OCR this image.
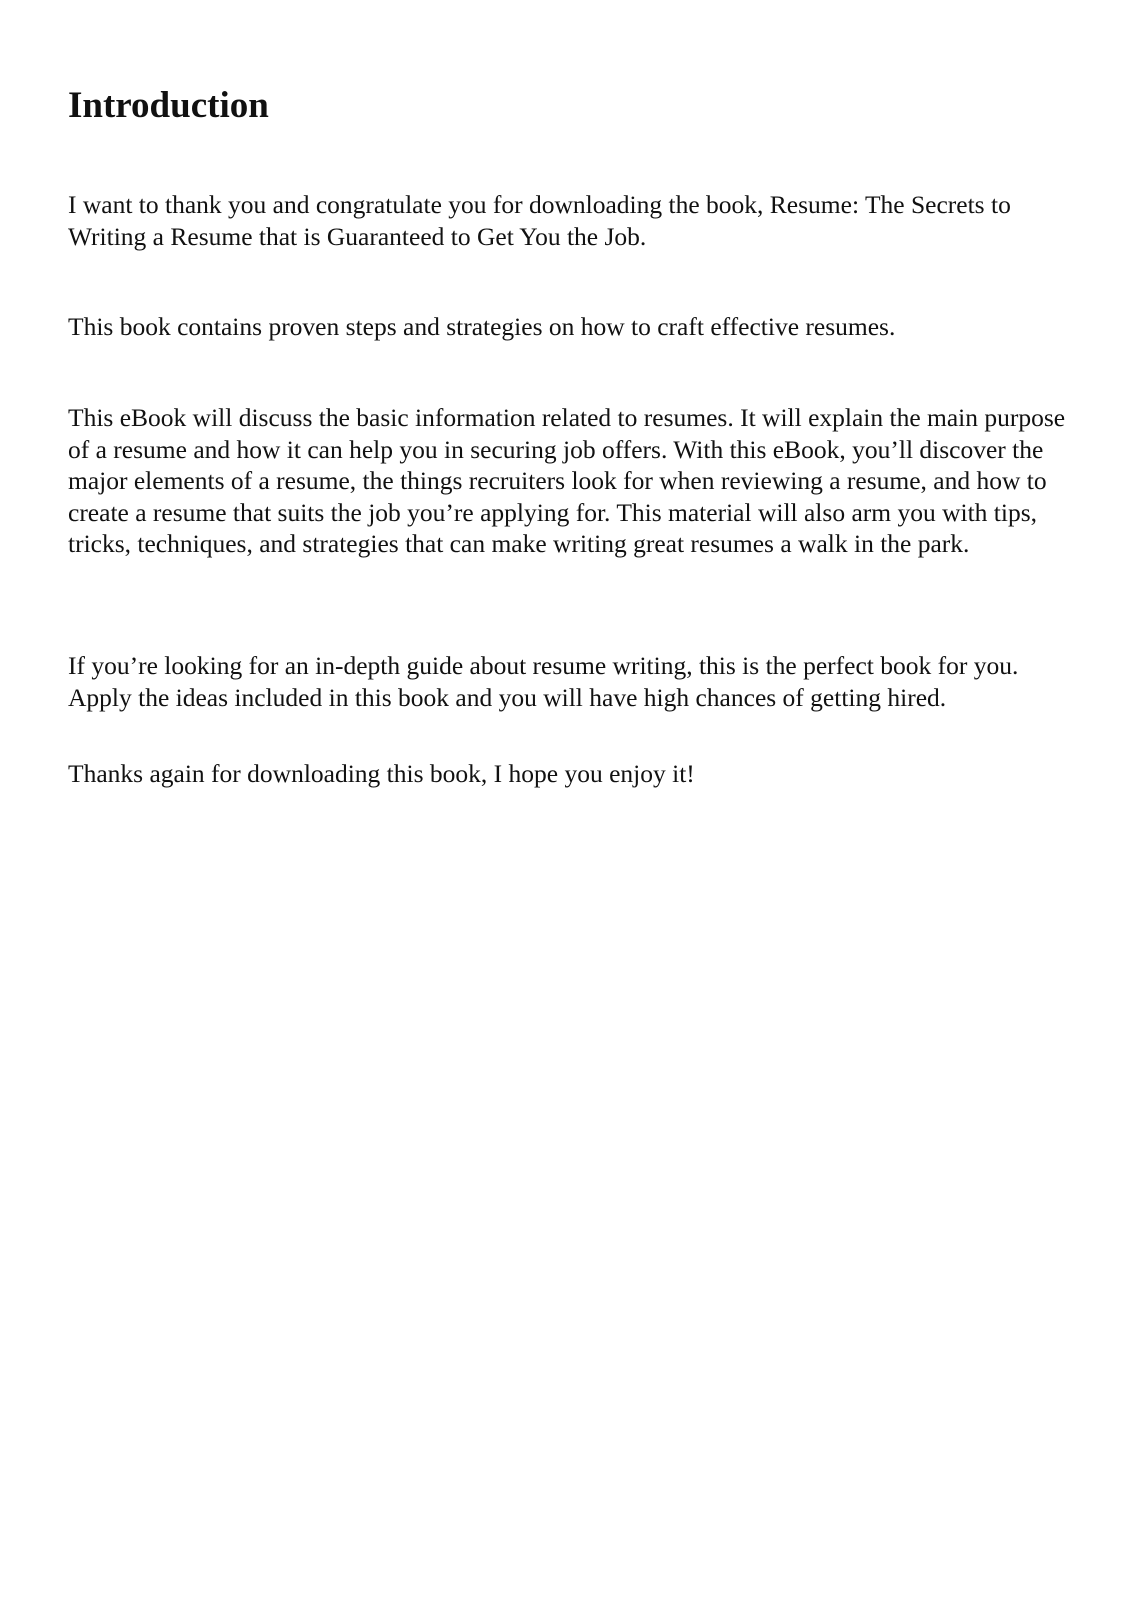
Introduction

I want to thank you and congratulate you for downloading the book, Resume: The Secrets to Writing a Resume that is Guaranteed to Get You the Job.

This book contains proven steps and strategies on how to craft effective resumes.

This eBook will discuss the basic information related to resumes. It will explain the main purpose of a resume and how it can help you in securing job offers. With this eBook, you’ll discover the major elements of a resume, the things recruiters look for when reviewing a resume, and how to create a resume that suits the job you’re applying for. This material will also arm you with tips, tricks, techniques, and strategies that can make writing great resumes a walk in the park.

If you’re looking for an in-depth guide about resume writing, this is the perfect book for you. Apply the ideas included in this book and you will have high chances of getting hired.

Thanks again for downloading this book, I hope you enjoy it!
